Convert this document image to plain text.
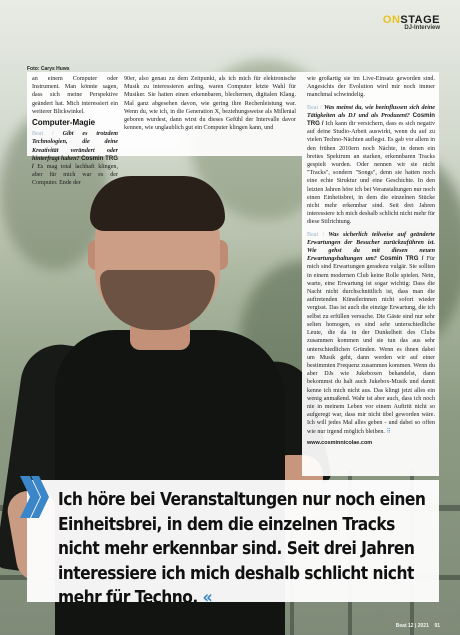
ONSTAGE
DJ-Interview
Foto: Carys Huws

an einem Computer oder Instrument. Man könnte sagen, dass sich meine Perspektive geändert hat. Mich interessiert ein weiterer Blickwinkel.

Computer-Magie

Beat / Gibt es trotzdem Technologien, die deine Kreativität verändert oder hinterfragt haben? Cosmin TRG / Es mag total lachhaft klingen, aber für mich war es der Computer. Ende der

90er, also genau zu dem Zeitpunkt, als ich mich für elektronische Musik zu interessieren anfing, waren Computer letzte Wahl für Musiker. Sie hatten einen erkennbaren, blechernen, digitalen Klang. Mal ganz abgesehen davon, wie gering ihre Rechenleistung war. Wenn du, wie ich, in die Generation X, beziehungsweise als Millenial geboren wurdest, dann wirst du dieses Gefühl der Intervalle davor kennen, wie unglaublich gut ein Computer klingen kann, und

wie großartig sie im Live-Einsatz geworden sind. Angesichts der Evolution wird mir noch immer manchmal schwindelig.

Beat / Was meinst du, wie beeinflussen sich deine Tätigkeiten als DJ und als Produzent? Cosmin TRG / Ich kann dir versichern, dass es sich negativ auf deine Studio-Arbeit auswirkt, wenn du auf zu vielen Techno-Nächten auflegst. Es gab vor allem in den frühen 2010ern noch Nächte, in denen ein breites Spektrum an starken, erkennbaren Tracks gespielt wurden. Oder nennen wir sie nicht "Tracks", sondern "Songs", denn sie hatten noch eine echte Struktur und eine Geschichte. In den letzten Jahren höre ich bei Veranstaltungen nur noch einen Einheitsbrei, in dem die einzelnen Stücke nicht mehr erkennbar sind. Seit drei Jahren interessiere ich mich deshalb schlicht nicht mehr für diese Stilrichtung.

Beat / Was sicherlich teilweise auf geänderte Erwartungen der Besucher zurückzuführen ist. Wie gehst du mit diesen neuen Erwartungshaltungen um? Cosmin TRG / Für mich sind Erwartungen geradezu vulgär. Sie sollten in einem modernen Club keine Rolle spielen. Nein, warte, eine Erwartung ist sogar wichtig: Dass die Nacht nicht durchschnittlich ist, dass man die auftretenden Künstlerinnen nicht sofort wieder vergisst. Das ist auch die einzige Erwartung, die ich selbst zu erfüllen versuche. Die Gäste sind nur sehr selten homogen, es sind sehr unterschiedliche Leute, die da in der Dunkelheit des Clubs zusammen kommen und sie tun das aus sehr unterschiedlichen Gründen. Wenn es ihnen dabei um Musik geht, dann werden wir auf einer bestimmten Frequenz zusammen kommen. Wenn du aber DJs wie Jukeboxen behandelst, dann bekommst du halt auch Jukebox-Musik und damit kenne ich mich nicht aus. Das klingt jetzt alles ein wenig anmaßend. Wahr ist aber auch, dass ich noch nie in meinem Leben vor einem Auftritt nicht so aufgeregt war, dass mir nicht übel geworden wäre. Ich will jedes Mal alles geben - und dabei so offen wie nur irgend möglich bleiben. ⠿

www.cosminnicolae.com
Ich höre bei Veranstaltungen nur noch einen Einheitsbrei, in dem die einzelnen Tracks nicht mehr erkennbar sind. Seit drei Jahren interessiere ich mich deshalb schlicht nicht mehr für Techno. «
Beat 12 | 2021 91
